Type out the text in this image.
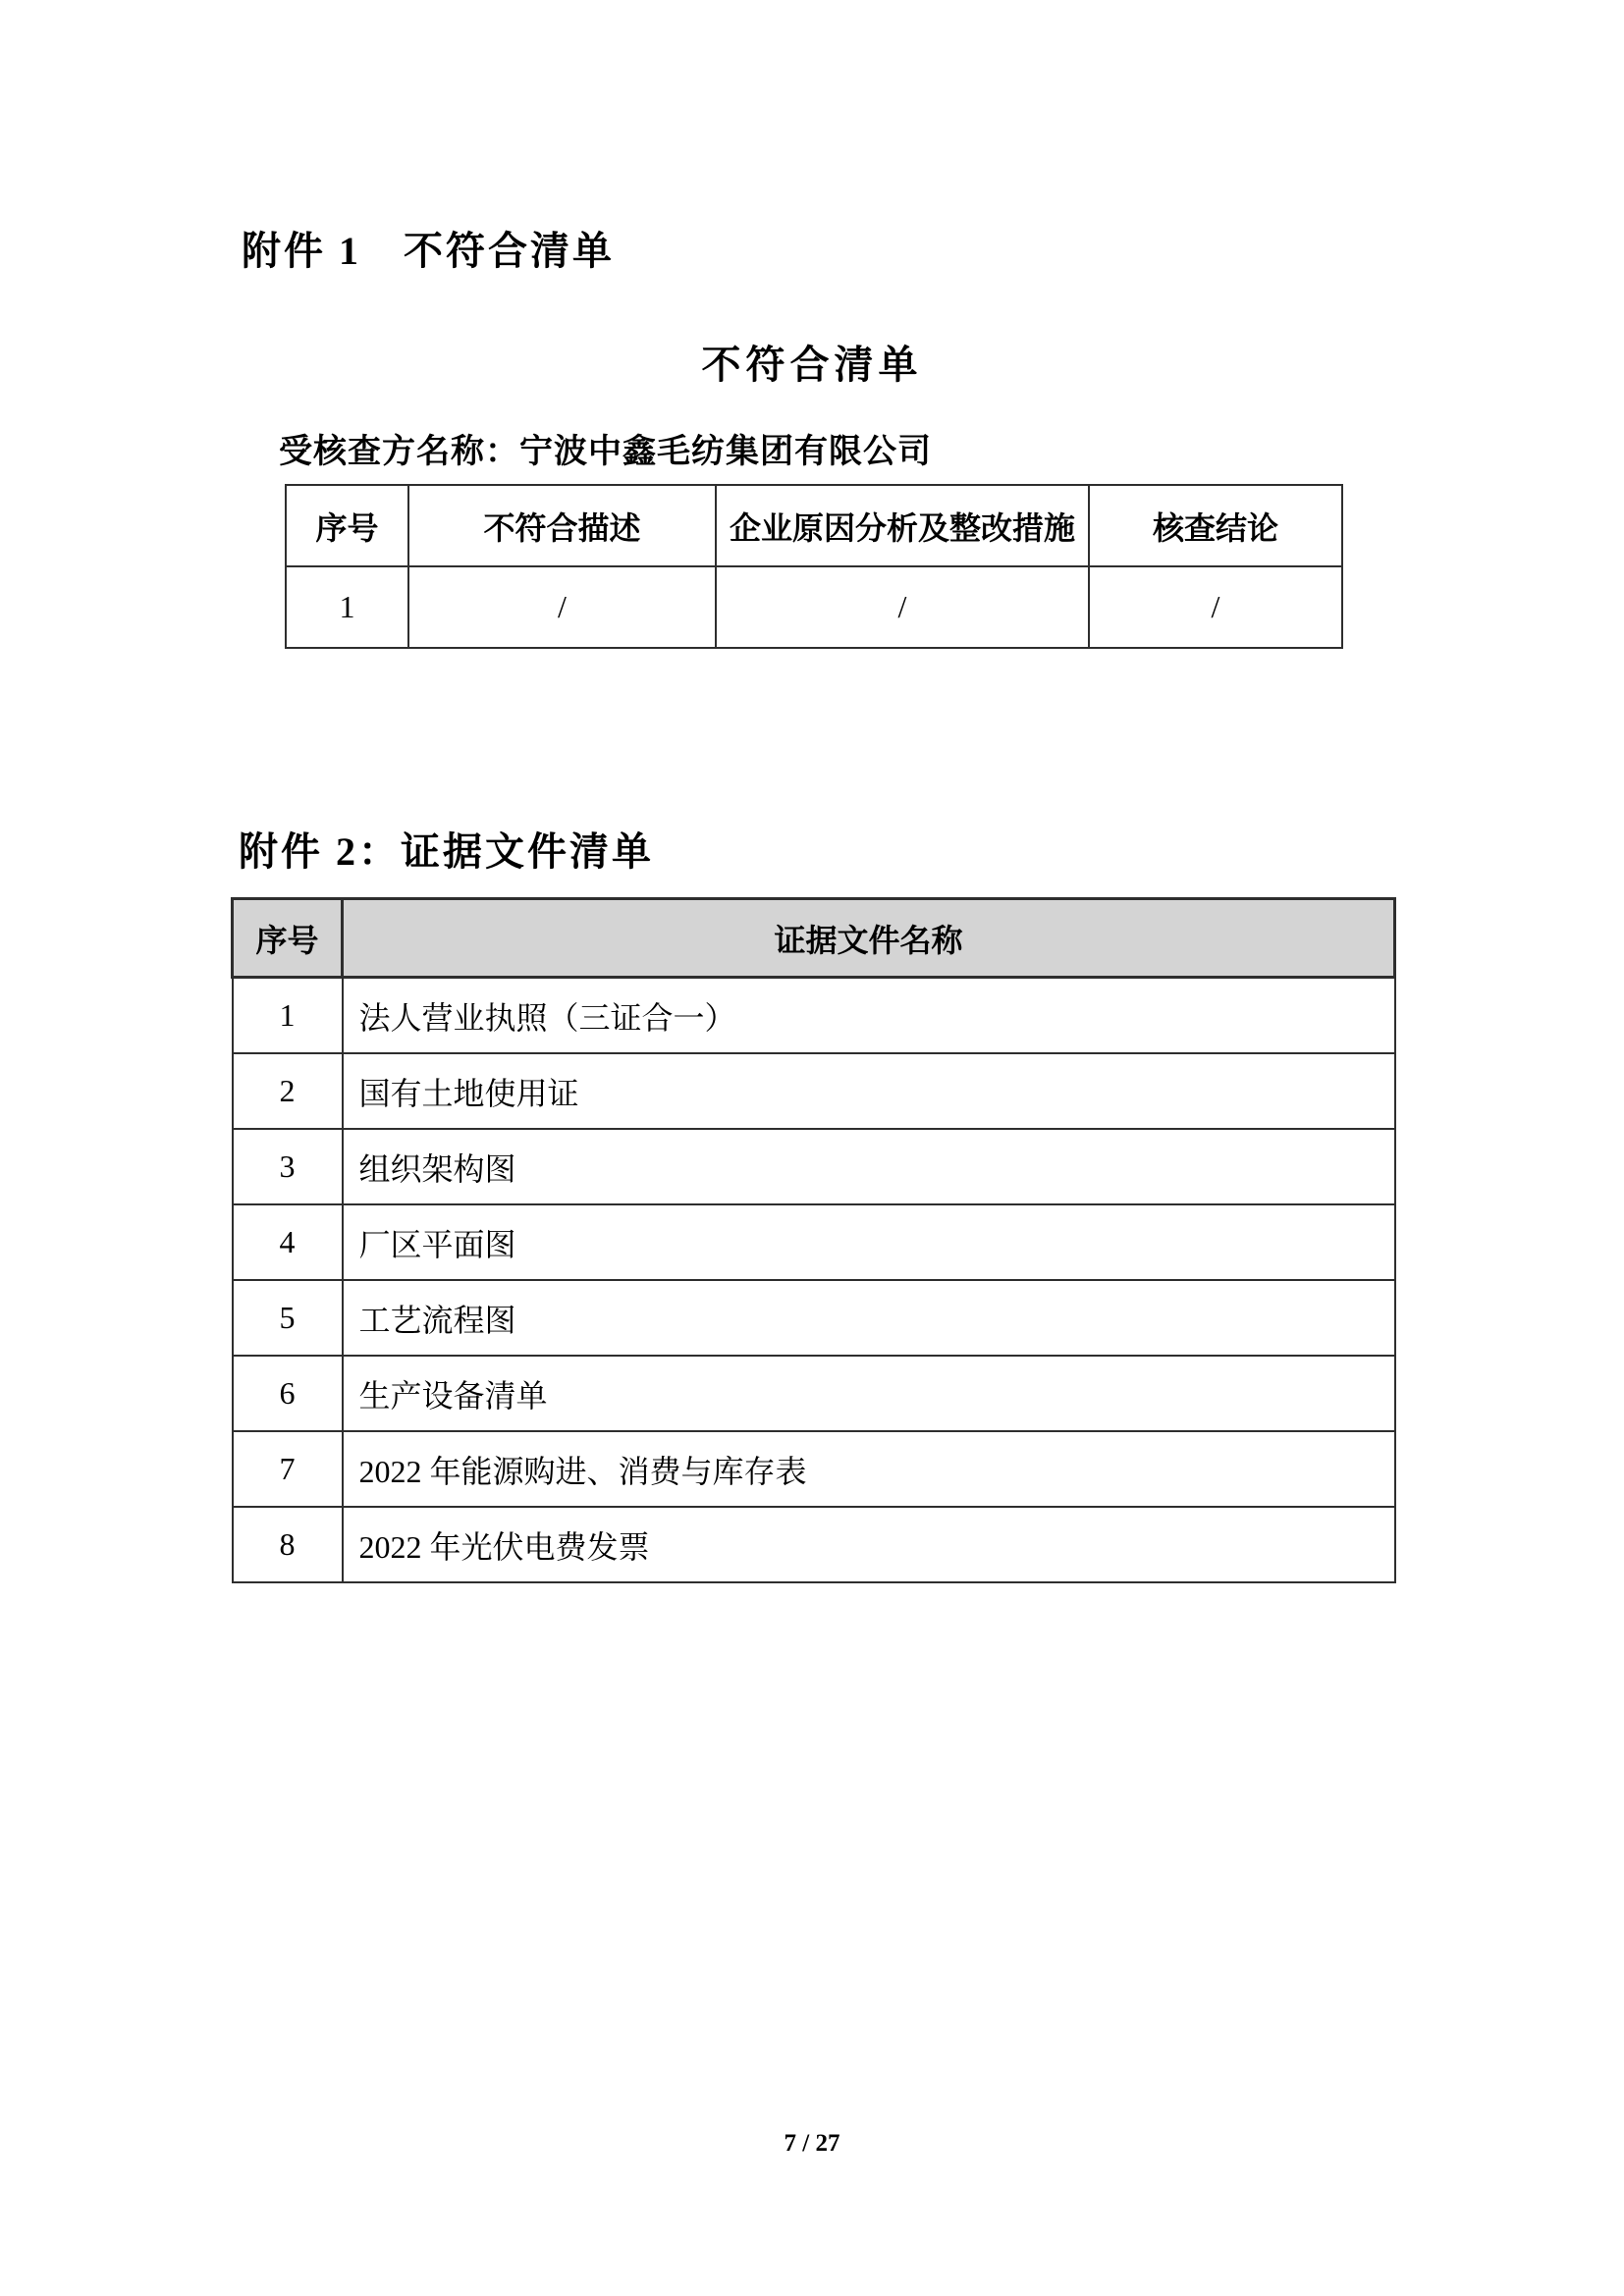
附件 1　不符合清单
不符合清单
受核查方名称：宁波中鑫毛纺集团有限公司
序号	不符合描述	企业原因分析及整改措施	核查结论
1	/	/	/
附件 2：证据文件清单
序号	证据文件名称
1	法人营业执照（三证合一）
2	国有土地使用证
3	组织架构图
4	厂区平面图
5	工艺流程图
6	生产设备清单
7	2022 年能源购进、消费与库存表
8	2022 年光伏电费发票
7 / 27
